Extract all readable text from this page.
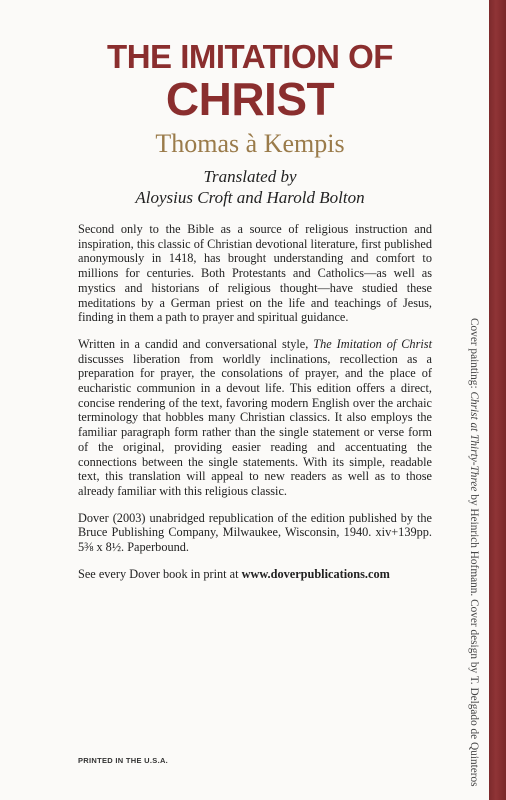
THE IMITATION OF
CHRIST
Thomas à Kempis
Translated by
Aloysius Croft and Harold Bolton

Second only to the Bible as a source of religious instruction and inspiration, this classic of Christian devotional literature, first published anonymously in 1418, has brought understanding and comfort to millions for centuries. Both Protestants and Catholics—as well as mystics and historians of religious thought—have studied these meditations by a German priest on the life and teachings of Jesus, finding in them a path to prayer and spiritual guidance.

Written in a candid and conversational style, The Imitation of Christ discusses liberation from worldly inclinations, recollection as a preparation for prayer, the consolations of prayer, and the place of eucharistic communion in a devout life. This edition offers a direct, concise rendering of the text, favoring modern English over the archaic terminology that hobbles many Christian classics. It also employs the familiar paragraph form rather than the single statement or verse form of the original, providing easier reading and accentuating the connections between the single statements. With its simple, readable text, this translation will appeal to new readers as well as to those already familiar with this religious classic.

Dover (2003) unabridged republication of the edition published by the Bruce Publishing Company, Milwaukee, Wisconsin, 1940. xiv+139pp. 5⅜ x 8½. Paperbound.

See every Dover book in print at www.doverpublications.com

Cover painting: Christ at Thirty-Three by Heinrich Hofmann. Cover design by T. Delgado de Quinteros
PRINTED IN THE U.S.A.
